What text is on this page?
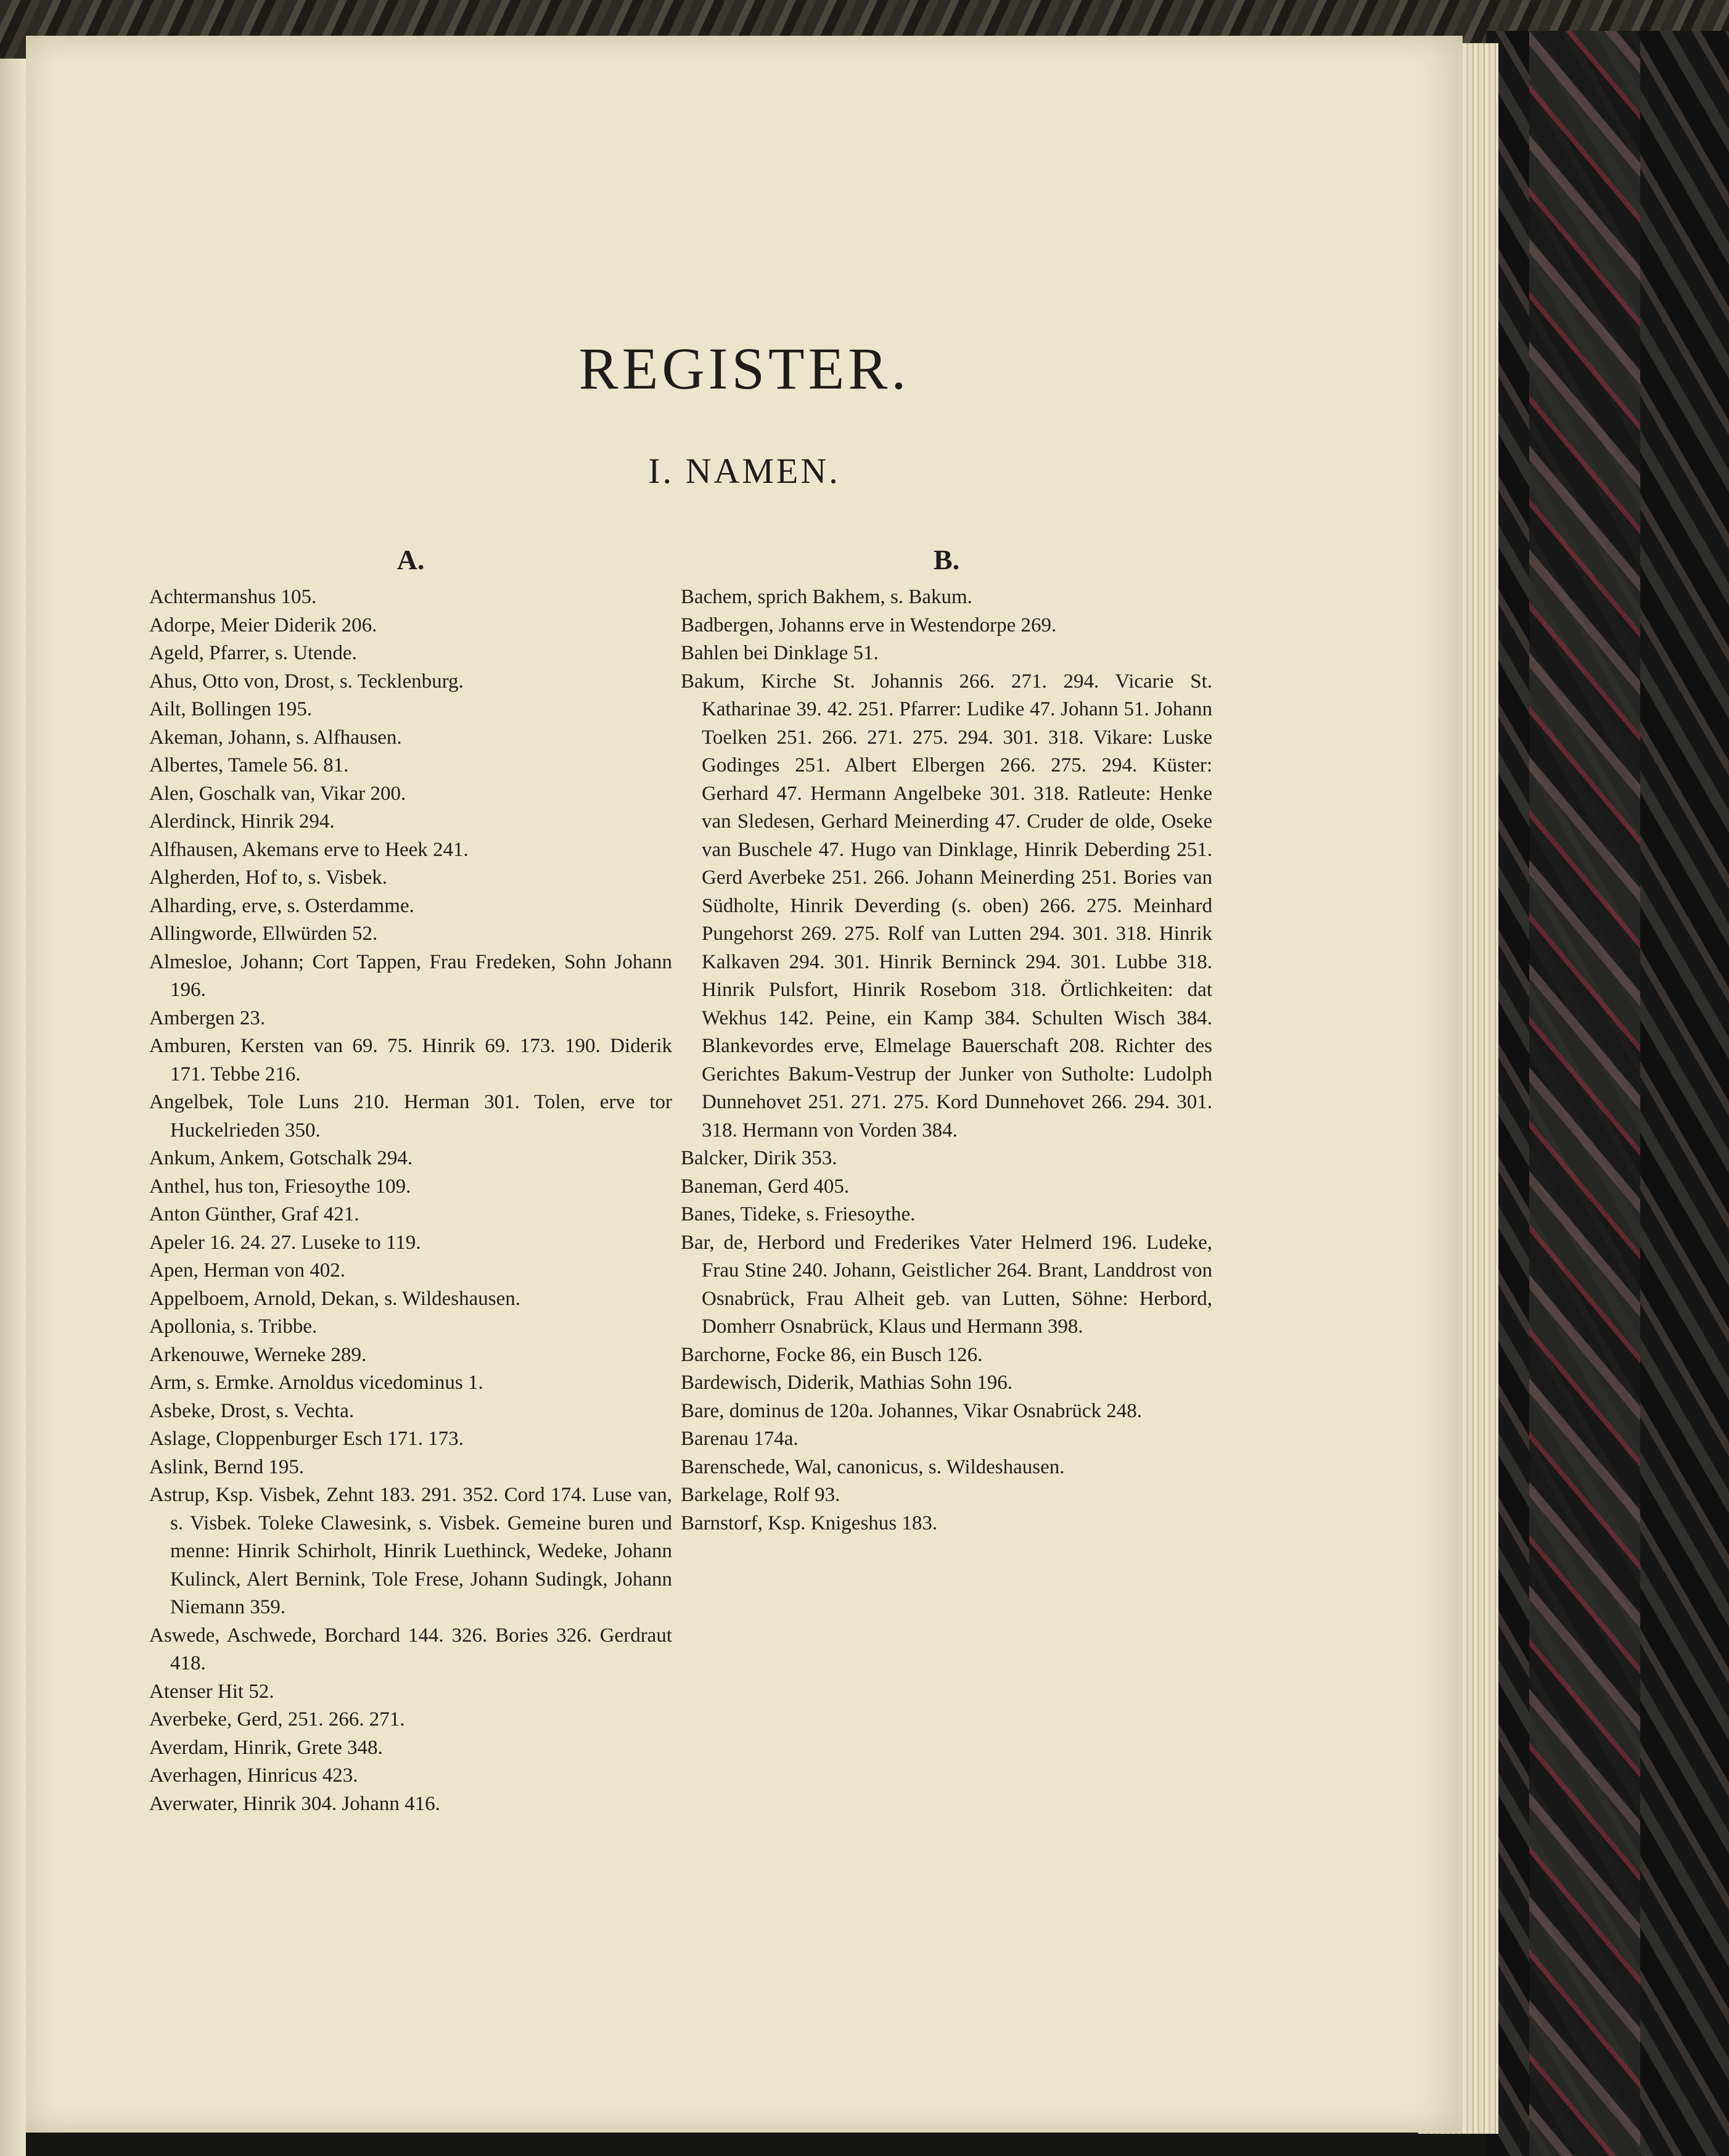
REGISTER.
I. NAMEN.
A.

Achtermanshus 105.

Adorpe, Meier Diderik 206.

Ageld, Pfarrer, s. Utende.

Ahus, Otto von, Drost, s. Tecklenburg.

Ailt, Bollingen 195.

Akeman, Johann, s. Alfhausen.

Albertes, Tamele 56. 81.

Alen, Goschalk van, Vikar 200.

Alerdinck, Hinrik 294.

Alfhausen, Akemans erve to Heek 241.

Algherden, Hof to, s. Visbek.

Alharding, erve, s. Osterdamme.

Allingworde, Ellwürden 52.

Almesloe, Johann; Cort Tappen, Frau Fredeken, Sohn Johann 196.

Ambergen 23.

Amburen, Kersten van 69. 75. Hinrik 69. 173. 190. Diderik 171. Tebbe 216.

Angelbek, Tole Luns 210. Herman 301. Tolen, erve tor Huckelrieden 350.

Ankum, Ankem, Gotschalk 294.

Anthel, hus ton, Friesoythe 109.

Anton Günther, Graf 421.

Apeler 16. 24. 27. Luseke to 119.

Apen, Herman von 402.

Appelboem, Arnold, Dekan, s. Wildeshausen.

Apollonia, s. Tribbe.

Arkenouwe, Werneke 289.

Arm, s. Ermke. Arnoldus vicedominus 1.

Asbeke, Drost, s. Vechta.

Aslage, Cloppenburger Esch 171. 173.

Aslink, Bernd 195.

Astrup, Ksp. Visbek, Zehnt 183. 291. 352. Cord 174. Luse van, s. Visbek. Toleke Clawesink, s. Visbek. Gemeine buren und menne: Hinrik Schirholt, Hinrik Luethinck, Wedeke, Johann Kulinck, Alert Bernink, Tole Frese, Johann Sudingk, Johann Niemann 359.

Aswede, Aschwede, Borchard 144. 326. Bories 326. Gerdraut 418.

Atenser Hit 52.

Averbeke, Gerd, 251. 266. 271.

Averdam, Hinrik, Grete 348.

Averhagen, Hinricus 423.

Averwater, Hinrik 304. Johann 416.

B.

Bachem, sprich Bakhem, s. Bakum.

Badbergen, Johanns erve in Westendorpe 269.

Bahlen bei Dinklage 51.

Bakum, Kirche St. Johannis 266. 271. 294. Vicarie St. Katharinae 39. 42. 251. Pfarrer: Ludike 47. Johann 51. Johann Toelken 251. 266. 271. 275. 294. 301. 318. Vikare: Luske Godinges 251. Albert Elbergen 266. 275. 294. Küster: Gerhard 47. Hermann Angelbeke 301. 318. Ratleute: Henke van Sledesen, Gerhard Meinerding 47. Cruder de olde, Oseke van Buschele 47. Hugo van Dinklage, Hinrik Deberding 251. Gerd Averbeke 251. 266. Johann Meinerding 251. Bories van Südholte, Hinrik Deverding (s. oben) 266. 275. Meinhard Pungehorst 269. 275. Rolf van Lutten 294. 301. 318. Hinrik Kalkaven 294. 301. Hinrik Berninck 294. 301. Lubbe 318. Hinrik Pulsfort, Hinrik Rosebom 318. Örtlichkeiten: dat Wekhus 142. Peine, ein Kamp 384. Schulten Wisch 384. Blankevordes erve, Elmelage Bauerschaft 208. Richter des Gerichtes Bakum-Vestrup der Junker von Sutholte: Ludolph Dunnehovet 251. 271. 275. Kord Dunnehovet 266. 294. 301. 318. Hermann von Vorden 384.

Balcker, Dirik 353.

Baneman, Gerd 405.

Banes, Tideke, s. Friesoythe.

Bar, de, Herbord und Frederikes Vater Helmerd 196. Ludeke, Frau Stine 240. Johann, Geistlicher 264. Brant, Landdrost von Osnabrück, Frau Alheit geb. van Lutten, Söhne: Herbord, Domherr Osnabrück, Klaus und Hermann 398.

Barchorne, Focke 86, ein Busch 126.

Bardewisch, Diderik, Mathias Sohn 196.

Bare, dominus de 120a. Johannes, Vikar Osnabrück 248.

Barenau 174a.

Barenschede, Wal, canonicus, s. Wildeshausen.

Barkelage, Rolf 93.

Barnstorf, Ksp. Knigeshus 183.
